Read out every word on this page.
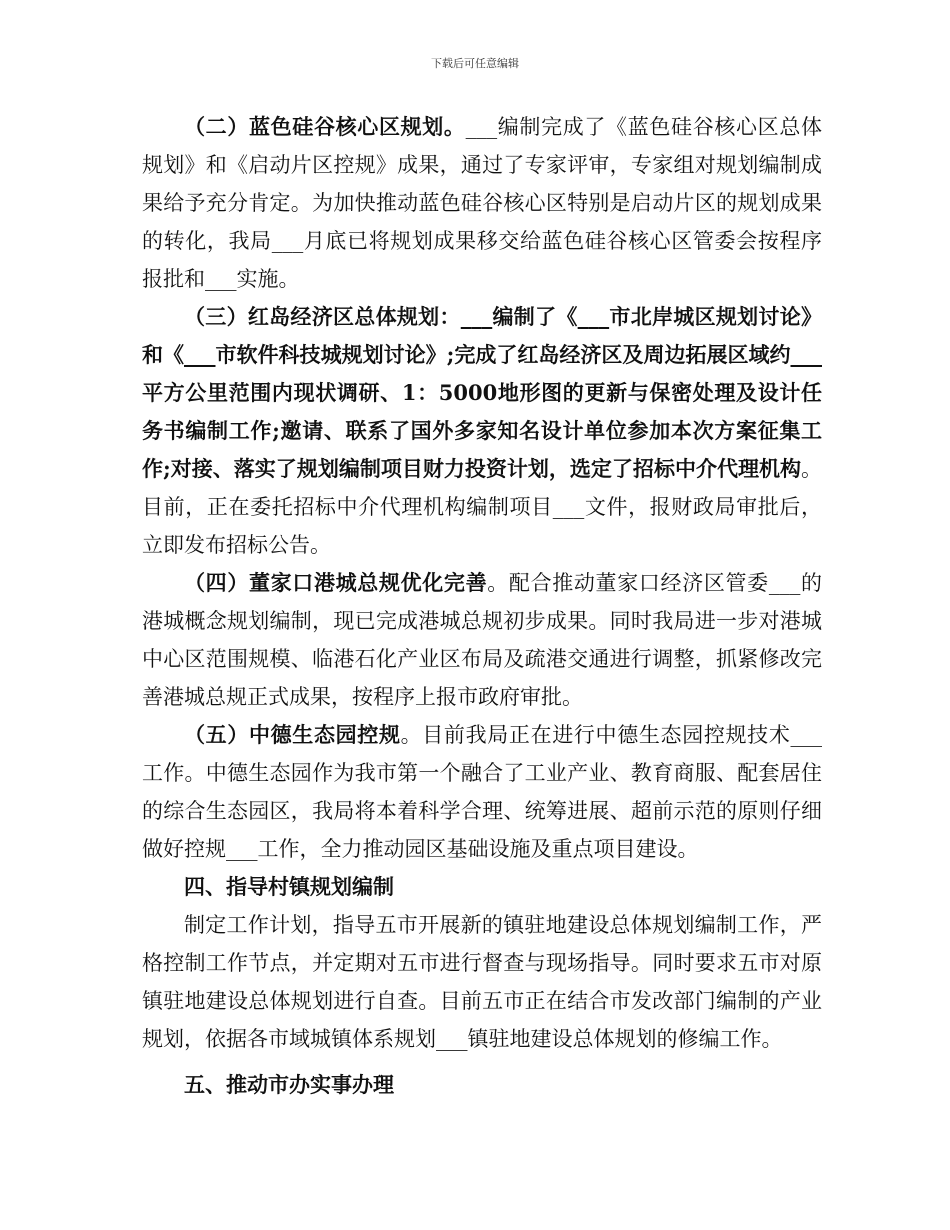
下载后可任意编辑

（二）蓝色硅谷核心区规划。___编制完成了《蓝色硅谷核心区总体规划》和《启动片区控规》成果，通过了专家评审，专家组对规划编制成果给予充分肯定。为加快推动蓝色硅谷核心区特别是启动片区的规划成果的转化，我局___月底已将规划成果移交给蓝色硅谷核心区管委会按程序报批和___实施。

（三）红岛经济区总体规划：___编制了《___市北岸城区规划讨论》和《___市软件科技城规划讨论》;完成了红岛经济区及周边拓展区域约___平方公里范围内现状调研、1：5000地形图的更新与保密处理及设计任务书编制工作;邀请、联系了国外多家知名设计单位参加本次方案征集工作;对接、落实了规划编制项目财力投资计划，选定了招标中介代理机构。目前，正在委托招标中介代理机构编制项目___文件，报财政局审批后，立即发布招标公告。

（四）董家口港城总规优化完善。配合推动董家口经济区管委___的港城概念规划编制，现已完成港城总规初步成果。同时我局进一步对港城中心区范围规模、临港石化产业区布局及疏港交通进行调整，抓紧修改完善港城总规正式成果，按程序上报市政府审批。

（五）中德生态园控规。目前我局正在进行中德生态园控规技术___工作。中德生态园作为我市第一个融合了工业产业、教育商服、配套居住的综合生态园区，我局将本着科学合理、统筹进展、超前示范的原则仔细做好控规___工作，全力推动园区基础设施及重点项目建设。

四、指导村镇规划编制

制定工作计划，指导五市开展新的镇驻地建设总体规划编制工作，严格控制工作节点，并定期对五市进行督查与现场指导。同时要求五市对原镇驻地建设总体规划进行自查。目前五市正在结合市发改部门编制的产业规划，依据各市域城镇体系规划___镇驻地建设总体规划的修编工作。

五、推动市办实事办理
